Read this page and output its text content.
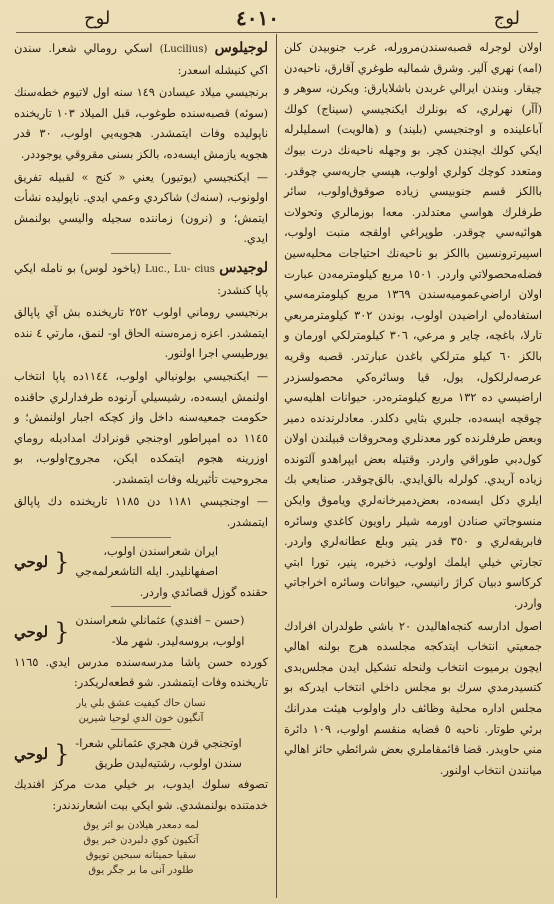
لوح	٤٠١٠	لوج

لوجيلوس (Lucilius) اسكي رومالي شعرا. سندن اكي كنيشله اسعدر:

برنجيسي ميلاد عيسادن ١٤٩ سنه اول لاتيوم خطه‌سنك (سوئه) قصبه‌سنده طوغوب، قبل الميلاد ١٠٣ تاريخنده ناپولیده وفات ايتمشدر. هجويه‌يي اولوب، ٣٠ قدر هجويه يازمش ايسه‌ده، بالكز بسنی مقروقي يوجوددر.

— ايكنجيسي (يوتيور) يعني « كنج » لقبيله تفريق اولونوب، (سنه‌ك) شاكردي وعمي ايدي. ناپوليده نشأت ايتمش؛ و (نرون) زماننده سجيله واليسي بولنمش ايدي.

لوجيدس Luc., Lu- cius (ياخود لوس) بو نامله ايكي پاپا كنشدر:

برنجيسي روماني اولوب ٢٥٢ تاريخنده بش آي پاپالق ايتمشدر. اعزه زمره‌سنه الحاق او- لنمق، مارتي ٤ ننده يورطيسي اجرا اولنور.

— ايكنجيسي بولونيالي اولوب، ١١٤٤ده پاپا انتخاب اولنمش ايسه‌ده، رشيسيلي آرنوده طرفدارلري حاقنده حكومت جمعيه‌سنه داخل واز كچكه اجبار اولنمش؛ و ١١٤٥ ده امپراطور اوجنجي قونرادك امداديله روماي اوزرينه هجوم ايتمكده ايكن، مجروح‌اولوب، بو مجروحيت تأثيريله وفات ايتمشدر.

— اوجنجيسي ١١٨١ دن ١١٨٥ تاريخنده دك پاپالق ايتمشدر.

لوحي {	ايران شعراسندن اولوب،
اصفهانليدر. ايله التاشعرلمه‌جي

حقنده گوزل قصائدي واردر.

لوحي { (حسن – افندي) عثمانلي شعراسندن
اولوب، بروسه‌ليدر. شهر ملا-

كورده حسن پاشا مدرسه‌سنده مدرس ايدي. ١١٦٥ تاريخنده وفات ايتمشدر. شو قطعه‌لريكدر:

نسان حاك كيفيت عشق بلي يار
آنگيون خون الدي لوحيا شيرين
لوحي { اوتجنجي قرن هجري عثمانلي شعرا-
سندن اولوب، رشتيه‌لیدن طريق

تصوفه سلوك ايدوب، بر خيلي مدت مركز افنديك خدمتنده بولنمشدي. شو ايكي بيت اشعارندندر:

لمه دمعدر هيلادن بو اثر يوق
آتكيون كوي دلبردن خبر يوق
سقيا حميثانه سبحين تويوق
طلودر آنی ما بر جگر يوق

اولان لوجرله قصبه‌سندن‌مرورله، غرب جنوبيدن كلن (امه) نهري آلير. وشرق شماليه طوغري آقارق، ناحیه‌دن چيقار. وبندن ايرالي غربدن باشلايارق: ويكرن، سوهر و (آآر) نهرلري، كه بونلرك ايكنجيسي (سيناج) كولك آباعلينده و اوجنجيسي (بليند) و (هالويت) اسمليلرله ايكي كولك ايچندن كچر. بو وجهله ناحيه‌نك درت بيوك ومتعدد كوچك كولري اولوب، هپسي جاريه‌سي چوقدر. باالكز قسم جنوبيسي زياده صوقوق‌اولوب، سائر طرفلرك هواسي معتدلدر. معه‌ا بوزمالري وتحولات هوائيه‌سي چوقدر. طوپراغي اولقجه منبت اولوب، اسپيرترونسين باالكز بو ناحيه‌نك احتياجات محليه‌سين فضله‌محصولاتي واردر. ١٥٠١ مربع كيلومترمه‌دن عبارت اولان اراضي‌عموميه‌سندن ١٣٦٩ مربع كيلومترمه‌سي استفاده‌لي اراضيدن اولوب، بوندن ٣٠٢ كيلومترمربعي تارلا، باغچه، چاير و مرعي، ٣٠٦ كيلومترلكي اورمان و بالكز ٦٠ كيلو مترلكي باغدن عبارتدر. قصبه وقريه عرصه‌لرلكول، يول، قيا وسائره‌كي محصولسزدر اراضيسي ده ١٣٢ مربع كيلومتره‌در. حيوانات اهليه‌سي چوقچه ايسه‌ده، جلبري بثايي دكلدر. معادلرندنده دمير وبعض طرفلرنده كور معدنلري ومحروقات قبيلندن اولان كول‌دبي طوراقي واردر. وقتيله بعض ايپراهدو آلتونده زياده آريدي. كولرله بالق‌ايدي. بالق‌چوقدر. صنايعي بك ايلري دكل ايسه‌ده، بعض‌دميرخانه‌لري وياموق وايكن منسوجاتي صنادن اورمه شيلر راويون كاغدي وسائره فابريقه‌لري و ٣٥٠ قدر يتير وبلع عطانه‌لري واردر. تجارتي خيلي ايلمك اولوب، ذخيره، پنير، تورا ابتي كركاسو دبيان كراژ رانيسي، حيوانات وسائره اخراجاتي واردر.

اصول ادارسه كنجه‌اهاليدن ٢٠ باشي طولدران افرادك جمعيتي انتخاب ايتدكجه مجلسده هرج بولنه اهالي ايچون برميوت انتخاب ولنحله تشكيل ايدن مجلس‌بدى كتسيدرمدي سرك بو مجلس داخلي انتخاب ايدركه بو مجلس اداره محلية وظائف دار واولوب هيئت مدرانك برئي طوتار. ناحيه ٥ قضايه منقسم اولوب، ١٠٩ دائرة مني حاويدر. قضا قائمقاملري بعض شرائطي حائز اهالي ميانندن انتخاب اولنور.
